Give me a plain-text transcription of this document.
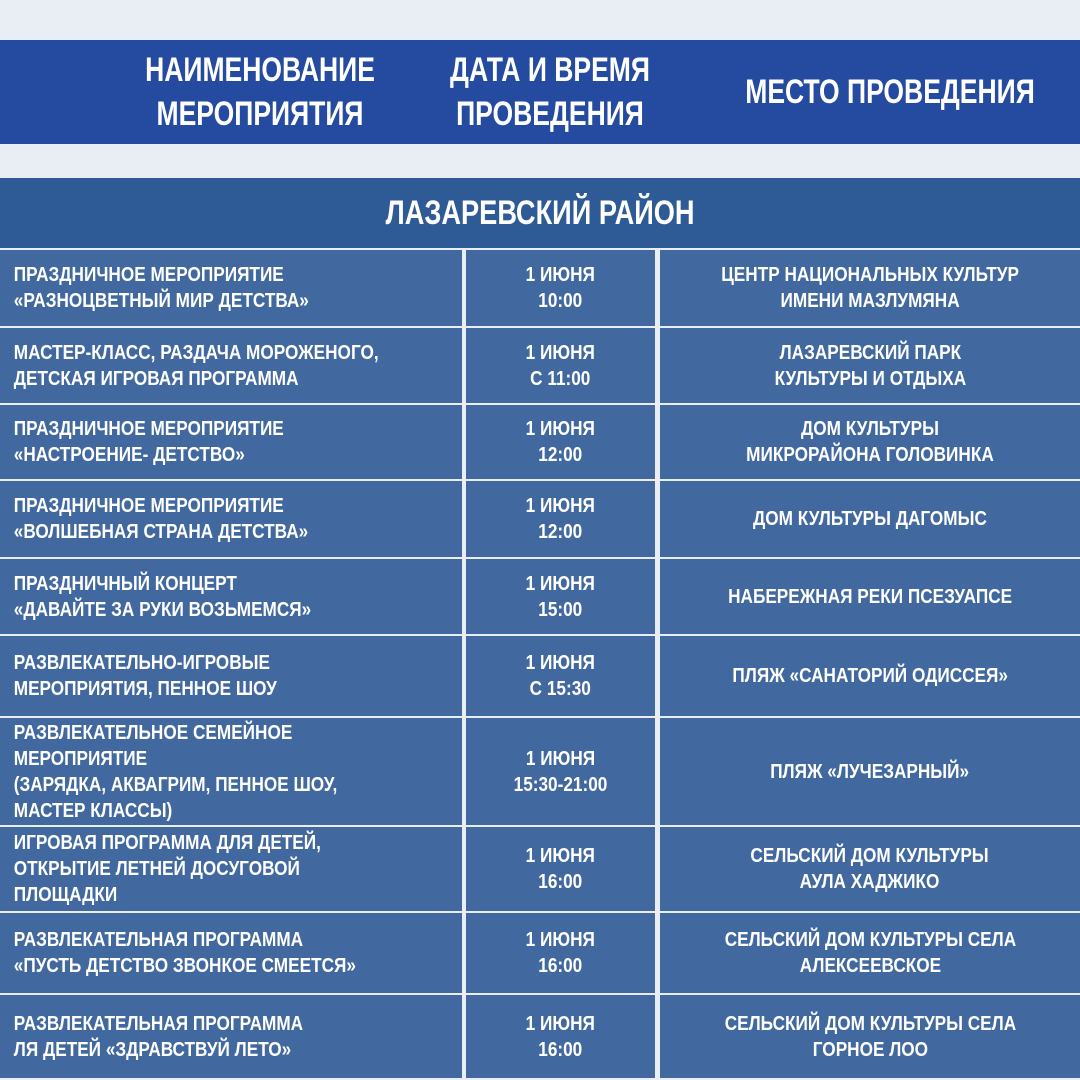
НАИМЕНОВАНИЕ
МЕРОПРИЯТИЯ
ДАТА И ВРЕМЯ
ПРОВЕДЕНИЯ
МЕСТО ПРОВЕДЕНИЯ
ЛАЗАРЕВСКИЙ РАЙОН
ПРАЗДНИЧНОЕ МЕРОПРИЯТИЕ
«РАЗНОЦВЕТНЫЙ МИР ДЕТСТВА»
1 ИЮНЯ
10:00
ЦЕНТР НАЦИОНАЛЬНЫХ КУЛЬТУР
ИМЕНИ МАЗЛУМЯНА
МАСТЕР-КЛАСС, РАЗДАЧА МОРОЖЕНОГО,
ДЕТСКАЯ ИГРОВАЯ ПРОГРАММА
1 ИЮНЯ
С 11:00
ЛАЗАРЕВСКИЙ ПАРК
КУЛЬТУРЫ И ОТДЫХА
ПРАЗДНИЧНОЕ МЕРОПРИЯТИЕ
«НАСТРОЕНИЕ- ДЕТСТВО»
1 ИЮНЯ
12:00
ДОМ КУЛЬТУРЫ
МИКРОРАЙОНА ГОЛОВИНКА
ПРАЗДНИЧНОЕ МЕРОПРИЯТИЕ
«ВОЛШЕБНАЯ СТРАНА ДЕТСТВА»
1 ИЮНЯ
12:00
ДОМ КУЛЬТУРЫ ДАГОМЫС
ПРАЗДНИЧНЫЙ КОНЦЕРТ
«ДАВАЙТЕ ЗА РУКИ ВОЗЬМЕМСЯ»
1 ИЮНЯ
15:00
НАБЕРЕЖНАЯ РЕКИ ПСЕЗУАПСЕ
РАЗВЛЕКАТЕЛЬНО-ИГРОВЫЕ
МЕРОПРИЯТИЯ, ПЕННОЕ ШОУ
1 ИЮНЯ
С 15:30
ПЛЯЖ «САНАТОРИЙ ОДИССЕЯ»
РАЗВЛЕКАТЕЛЬНОЕ СЕМЕЙНОЕ МЕРОПРИЯТИЕ
(ЗАРЯДКА, АКВАГРИМ, ПЕННОЕ ШОУ,
МАСТЕР КЛАССЫ)
1 ИЮНЯ
15:30-21:00
ПЛЯЖ «ЛУЧЕЗАРНЫЙ»
ИГРОВАЯ ПРОГРАММА ДЛЯ ДЕТЕЙ,
ОТКРЫТИЕ ЛЕТНЕЙ ДОСУГОВОЙ ПЛОЩАДКИ
1 ИЮНЯ
16:00
СЕЛЬСКИЙ ДОМ КУЛЬТУРЫ
АУЛА ХАДЖИКО
РАЗВЛЕКАТЕЛЬНАЯ ПРОГРАММА
«ПУСТЬ ДЕТСТВО ЗВОНКОЕ СМЕЕТСЯ»
1 ИЮНЯ
16:00
СЕЛЬСКИЙ ДОМ КУЛЬТУРЫ СЕЛА
АЛЕКСЕЕВСКОЕ
РАЗВЛЕКАТЕЛЬНАЯ ПРОГРАММА
ЛЯ ДЕТЕЙ «ЗДРАВСТВУЙ ЛЕТО»
1 ИЮНЯ
16:00
СЕЛЬСКИЙ ДОМ КУЛЬТУРЫ СЕЛА
ГОРНОЕ ЛОО
